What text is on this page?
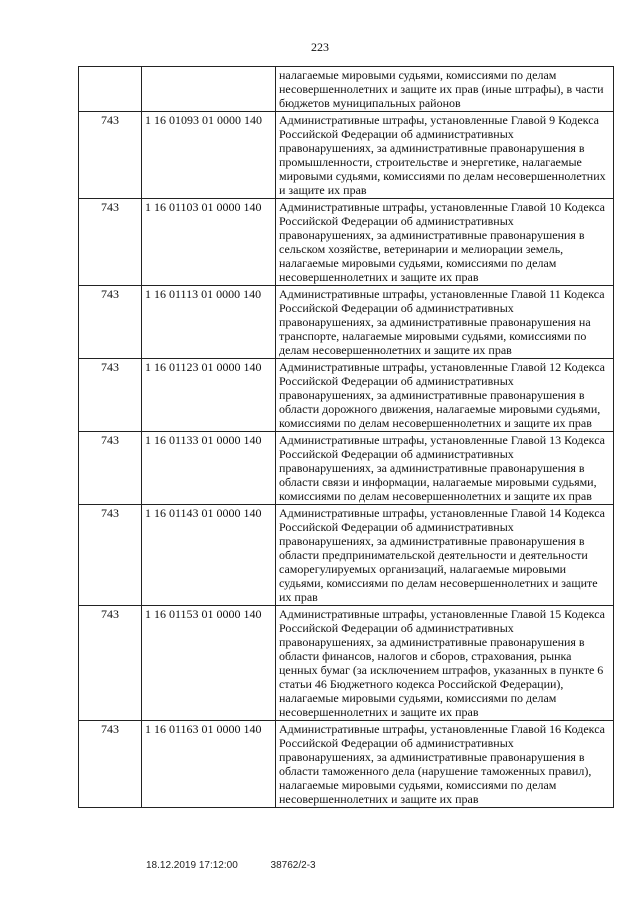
223
		налагаемые мировыми судьями, комиссиями по делам несовершеннолетних и защите их прав (иные штрафы), в части бюджетов муниципальных районов
743	1 16 01093 01 0000 140	Административные штрафы, установленные Главой 9 Кодекса Российской Федерации об административных правонарушениях, за административные правонарушения в промышленности, строительстве и энергетике, налагаемые мировыми судьями, комиссиями по делам несовершеннолетних и защите их прав
743	1 16 01103 01 0000 140	Административные штрафы, установленные Главой 10 Кодекса Российской Федерации об административных правонарушениях, за административные правонарушения в сельском хозяйстве, ветеринарии и мелиорации земель, налагаемые мировыми судьями, комиссиями по делам несовершеннолетних и защите их прав
743	1 16 01113 01 0000 140	Административные штрафы, установленные Главой 11 Кодекса Российской Федерации об административных правонарушениях, за административные правонарушения на транспорте, налагаемые мировыми судьями, комиссиями по делам несовершеннолетних и защите их прав
743	1 16 01123 01 0000 140	Административные штрафы, установленные Главой 12 Кодекса Российской Федерации об административных правонарушениях, за административные правонарушения в области дорожного движения, налагаемые мировыми судьями, комиссиями по делам несовершеннолетних и защите их прав
743	1 16 01133 01 0000 140	Административные штрафы, установленные Главой 13 Кодекса Российской Федерации об административных правонарушениях, за административные правонарушения в области связи и информации, налагаемые мировыми судьями, комиссиями по делам несовершеннолетних и защите их прав
743	1 16 01143 01 0000 140	Административные штрафы, установленные Главой 14 Кодекса Российской Федерации об административных правонарушениях, за административные правонарушения в области предпринимательской деятельности и деятельности саморегулируемых организаций, налагаемые мировыми судьями, комиссиями по делам несовершеннолетних и защите их прав
743	1 16 01153 01 0000 140	Административные штрафы, установленные Главой 15 Кодекса Российской Федерации об административных правонарушениях, за административные правонарушения в области финансов, налогов и сборов, страхования, рынка ценных бумаг (за исключением штрафов, указанных в пункте 6 статьи 46 Бюджетного кодекса Российской Федерации), налагаемые мировыми судьями, комиссиями по делам несовершеннолетних и защите их прав
743	1 16 01163 01 0000 140	Административные штрафы, установленные Главой 16 Кодекса Российской Федерации об административных правонарушениях, за административные правонарушения в области таможенного дела (нарушение таможенных правил), налагаемые мировыми судьями, комиссиями по делам несовершеннолетних и защите их прав
18.12.2019 17:12:00	38762/2-3
